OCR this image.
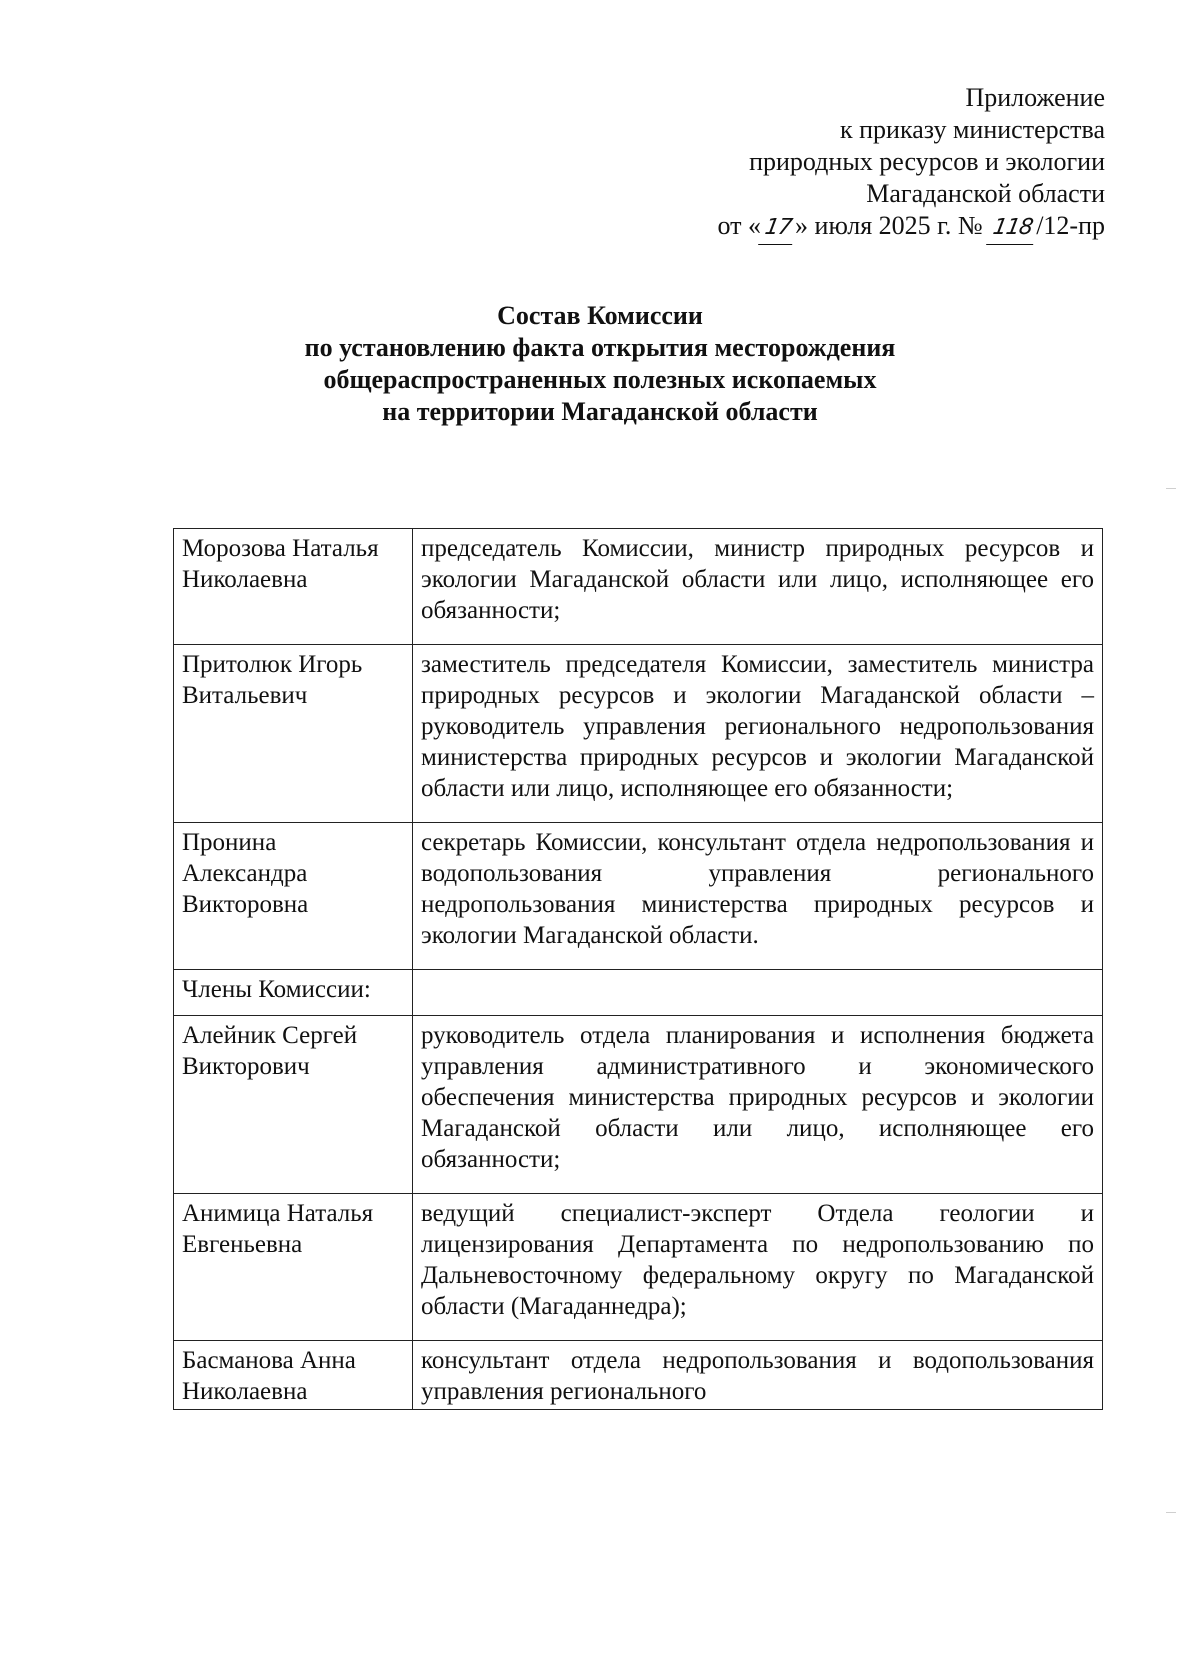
Приложение
к приказу министерства
природных ресурсов и экологии
Магаданской области
от «17» июля 2025 г. № 118/12-пр
Состав Комиссии
по установлению факта открытия месторождения
общераспространенных полезных ископаемых
на территории Магаданской области
Морозова Наталья Николаевна	председатель Комиссии, министр природных ресурсов и экологии Магаданской области или лицо, исполняющее его обязанности;
Притолюк Игорь Витальевич	заместитель председателя Комиссии, заместитель министра природных ресурсов и экологии Магаданской области – руководитель управления регионального недропользования министерства природных ресурсов и экологии Магаданской области или лицо, исполняющее его обязанности;
Пронина Александра Викторовна	секретарь Комиссии, консультант отдела недропользования и водопользования управления регионального недропользования министерства природных ресурсов и экологии Магаданской области.
Члены Комиссии:	
Алейник Сергей Викторович	руководитель отдела планирования и исполнения бюджета управления административного и экономического обеспечения министерства природных ресурсов и экологии Магаданской области или лицо, исполняющее его обязанности;
Анимица Наталья Евгеньевна	ведущий специалист-эксперт Отдела геологии и лицензирования Департамента по недропользованию по Дальневосточному федеральному округу по Магаданской области (Магаданнедра);
Басманова Анна Николаевна	консультант отдела недропользования и водопользования управления регионального
